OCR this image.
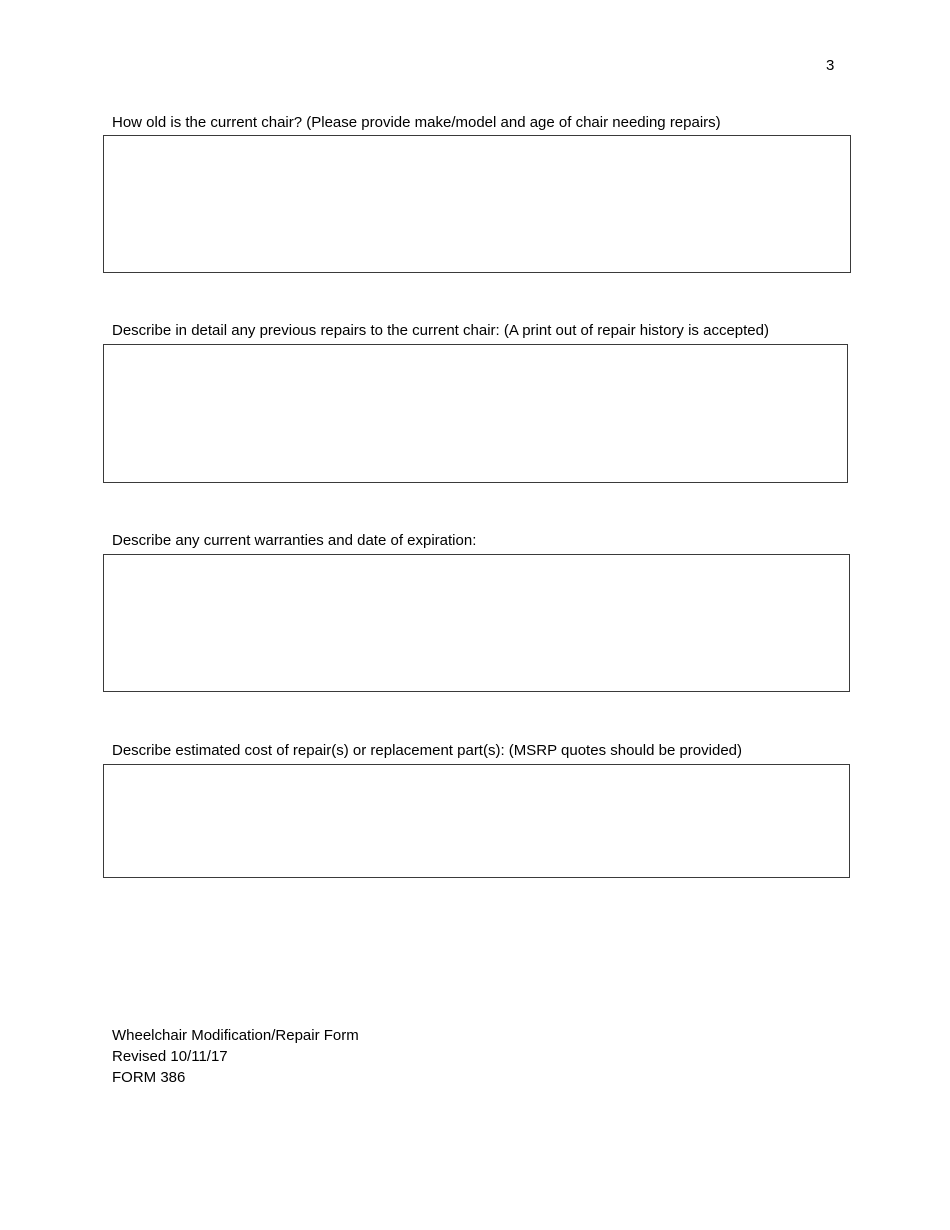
3
How old is the current chair? (Please provide make/model and age of chair needing repairs)
Describe in detail any previous repairs to the current chair: (A print out of repair history is accepted)
Describe any current warranties and date of expiration:
Describe estimated cost of repair(s) or replacement part(s): (MSRP quotes should be provided)
Wheelchair Modification/Repair Form
Revised 10/11/17
FORM 386
